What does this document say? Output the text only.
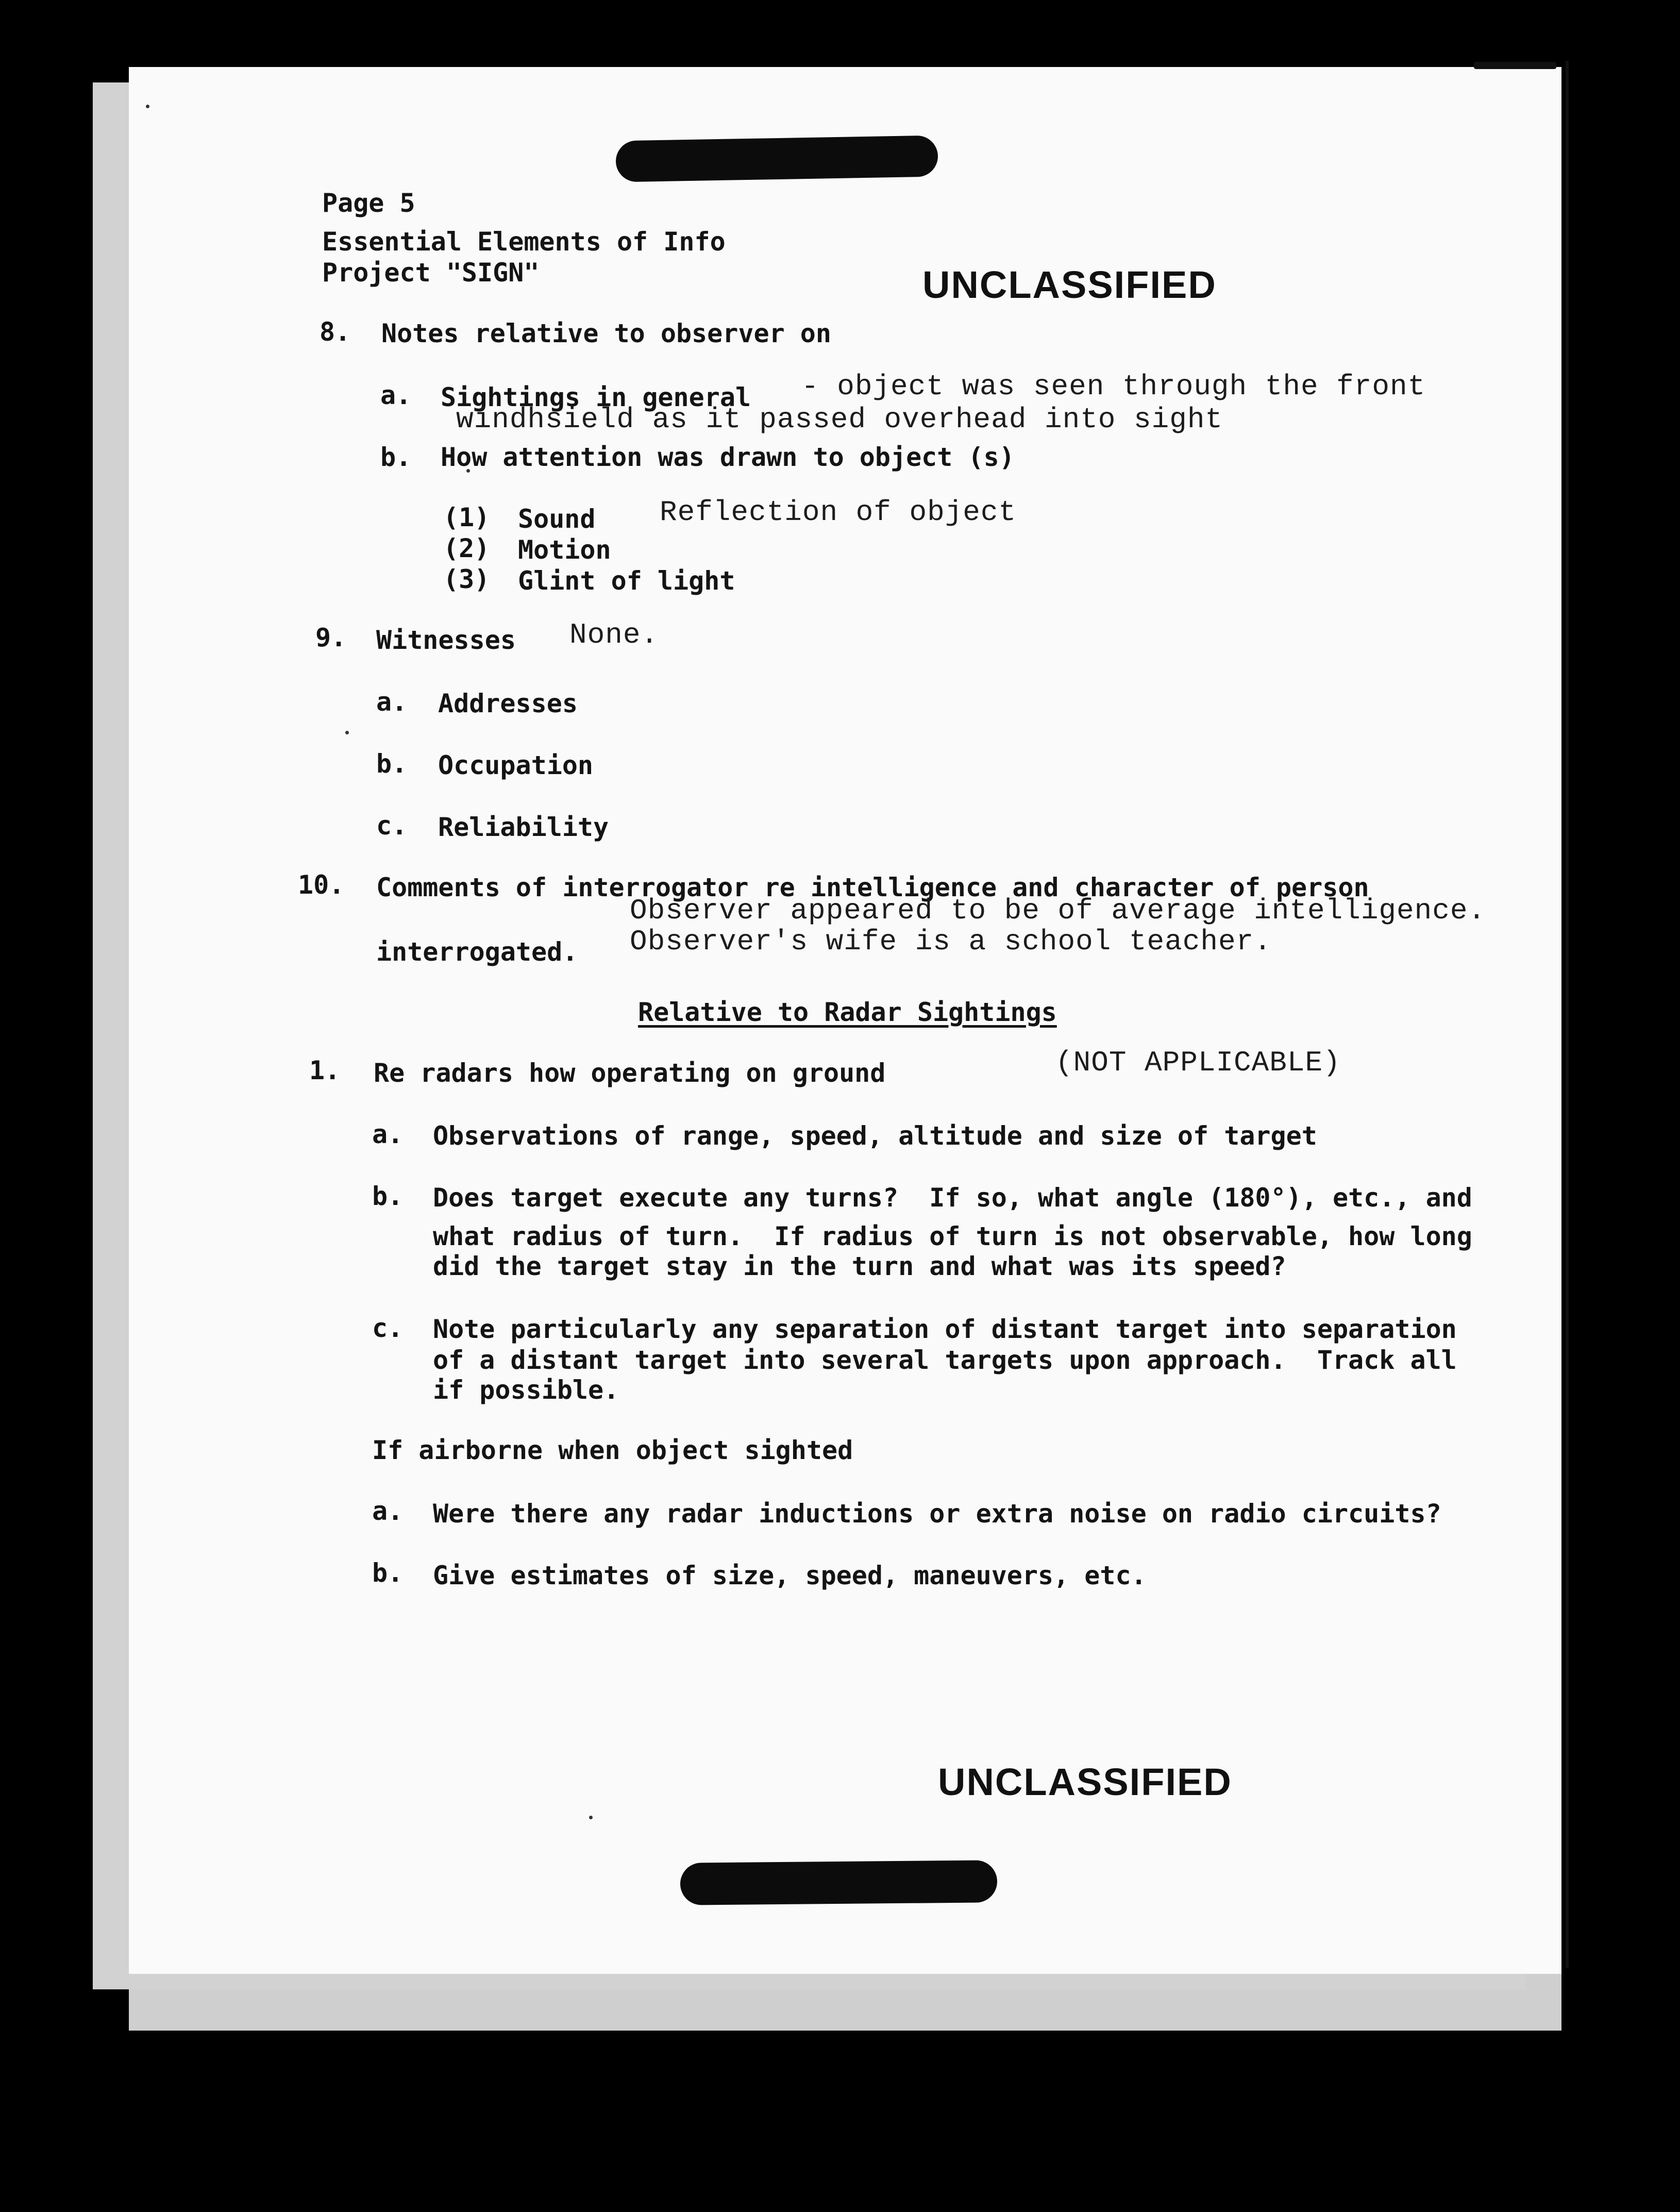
Page 5
Essential Elements of Info
Project "SIGN"	UNCLASSIFIED
8. Notes relative to observer on
a. Sightings in general - object was seen through the front
windhsield as it passed overhead into sight
b. How attention was drawn to object (s)
(1) Sound Reflection of object
(2) Motion
(3) Glint of light
9. Witnesses None.
a. Addresses
b. Occupation
c. Reliability
10. Comments of interrogator re intelligence and character of person
Observer appeared to be of average intelligence.
interrogated. Observer's wife is a school teacher.
Relative to Radar Sightings
1. Re radars how operating on ground	(NOT APPLICABLE)
a. Observations of range, speed, altitude and size of target
b. Does target execute any turns?  If so, what angle (180°), etc., and
what radius of turn.  If radius of turn is not observable, how long
did the target stay in the turn and what was its speed?
c. Note particularly any separation of distant target into separation
of a distant target into several targets upon approach.  Track all
if possible.
If airborne when object sighted
a. Were there any radar inductions or extra noise on radio circuits?
b. Give estimates of size, speed, maneuvers, etc.
UNCLASSIFIED
